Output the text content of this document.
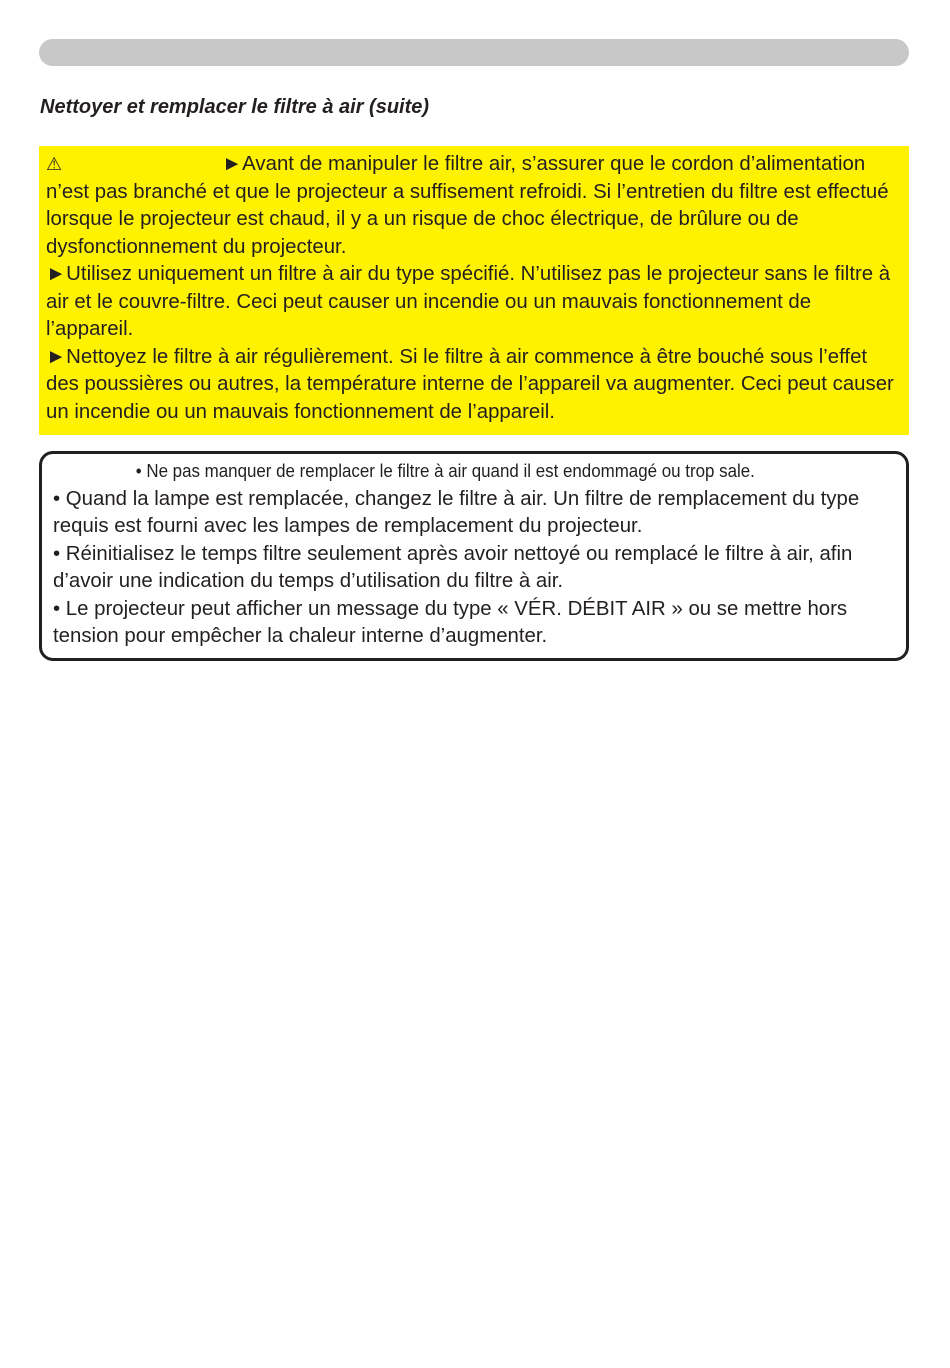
Nettoyer et remplacer le filtre à air (suite)

⚠	►Avant de manipuler le filtre air, s’assurer que le cordon d’alimentation n’est pas branché et que le projecteur a suffisement refroidi. Si l’entretien du filtre est effectué lorsque le projecteur est chaud, il y a un risque de choc électrique, de brûlure ou de dysfonctionnement du projecteur.

►Utilisez uniquement un filtre à air du type spécifié. N’utilisez pas le projecteur sans le filtre à air et le couvre-filtre. Ceci peut causer un incendie ou un mauvais fonctionnement de l’appareil.

►Nettoyez le filtre à air régulièrement. Si le filtre à air commence à être bouché sous l’effet des poussières ou autres, la température interne de l’appareil va augmenter. Ceci peut causer un incendie ou un mauvais fonctionnement de l’appareil.

• Ne pas manquer de remplacer le filtre à air quand il est endommagé ou trop sale.

• Quand la lampe est remplacée, changez le filtre à air. Un filtre de remplacement du type requis est fourni avec les lampes de remplacement du projecteur.

• Réinitialisez le temps filtre seulement après avoir nettoyé ou remplacé le filtre à air, afin d’avoir une indication du temps d’utilisation du filtre à air.

• Le projecteur peut afficher un message du type « VÉR. DÉBIT AIR » ou se mettre hors tension pour empêcher la chaleur interne d’augmenter.
